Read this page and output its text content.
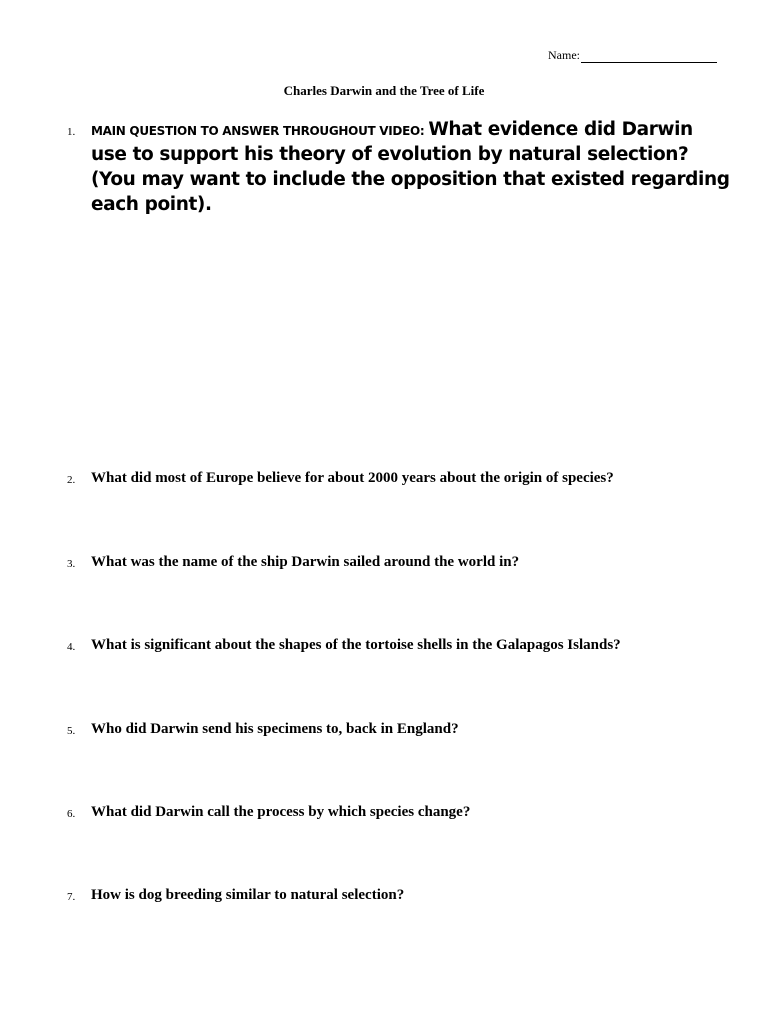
Name:
Charles Darwin and the Tree of Life
1. MAIN QUESTION TO ANSWER THROUGHOUT VIDEO: What evidence did Darwin use to support his theory of evolution by natural selection? (You may want to include the opposition that existed regarding each point).
2. What did most of Europe believe for about 2000 years about the origin of species?
3. What was the name of the ship Darwin sailed around the world in?
4. What is significant about the shapes of the tortoise shells in the Galapagos Islands?
5. Who did Darwin send his specimens to, back in England?
6. What did Darwin call the process by which species change?
7. How is dog breeding similar to natural selection?
